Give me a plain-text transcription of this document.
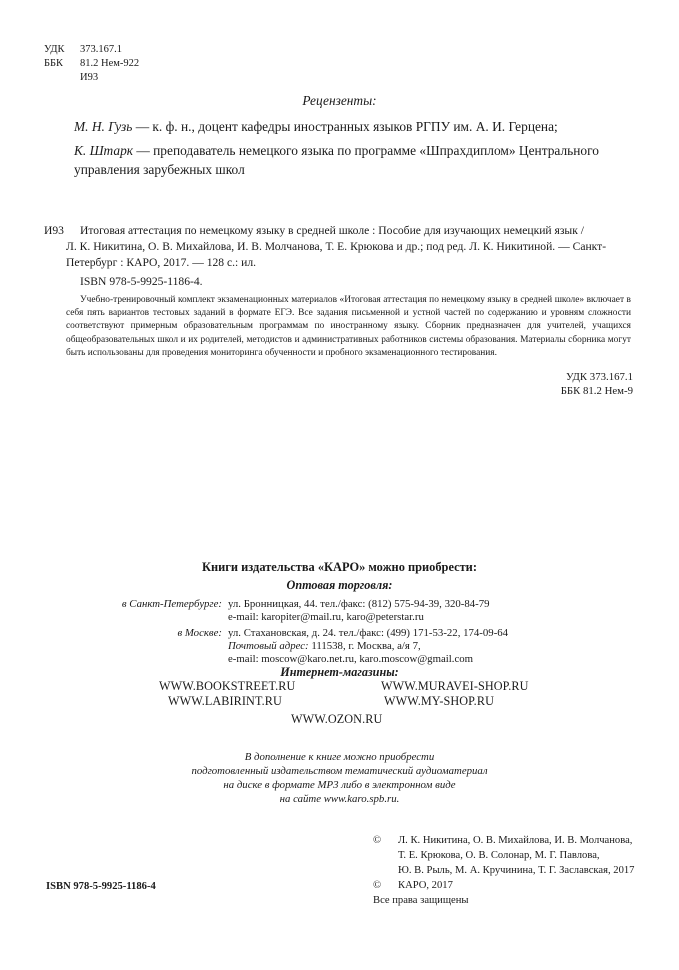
УДК 373.167.1
ББК 81.2 Нем-922
И93
Рецензенты:
М. Н. Гузь — к. ф. н., доцент кафедры иностранных языков РГПУ им. А. И. Герцена;
К. Штарк — преподаватель немецкого языка по программе «Шпрахдиплом» Центрального
управления зарубежных школ
И93 Итоговая аттестация по немецкому языку в средней школе : Пособие для изучающих немецкий язык /
Л. К. Никитина, О. В. Михайлова, И. В. Молчанова, Т. Е. Крюкова и др.; под ред. Л. К. Никитиной. — Санкт-
Петербург : КАРО, 2017. — 128 с.: ил.
ISBN 978-5-9925-1186-4.
Учебно-тренировочный комплект экзаменационных материалов «Итоговая аттестация по немецкому языку в средней школе» включает в себя пять вариантов тестовых заданий в формате ЕГЭ. Все задания письменной и устной частей по содержанию и уровням сложности соответствуют примерным образовательным программам по иностранному языку. Сборник предназначен для учителей, учащихся общеобразовательных школ и их родителей, методистов и административных работников системы образования. Материалы сборника могут быть использованы для проведения мониторинга обученности и пробного экзаменационного тестирования.
УДК 373.167.1
ББК 81.2 Нем-9
Книги издательства «КАРО» можно приобрести:
Оптовая торговля:
в Санкт-Петербурге: ул. Бронницкая, 44. тел./факс: (812) 575-94-39, 320-84-79
e-mail: karopiter@mail.ru, karo@peterstar.ru
в Москве: ул. Стахановская, д. 24. тел./факс: (499) 171-53-22, 174-09-64
Почтовый адрес: 111538, г. Москва, а/я 7,
e-mail: moscow@karo.net.ru, karo.moscow@gmail.com
Интернет-магазины:
WWW.BOOKSTREET.RU	WWW.MURAVEI-SHOP.RU
WWW.LABIRINT.RU	WWW.MY-SHOP.RU
WWW.OZON.RU
В дополнение к книге можно приобрести
подготовленный издательством тематический аудиоматериал
на диске в формате МР3 либо в электронном виде
на сайте www.karo.spb.ru.
ISBN 978-5-9925-1186-4
© Л. К. Никитина, О. В. Михайлова, И. В. Молчанова,
Т. Е. Крюкова, О. В. Солонар, М. Г. Павлова,
Ю. В. Рыль, М. А. Кручинина, Т. Г. Заславская, 2017
© КАРО, 2017
Все права защищены
